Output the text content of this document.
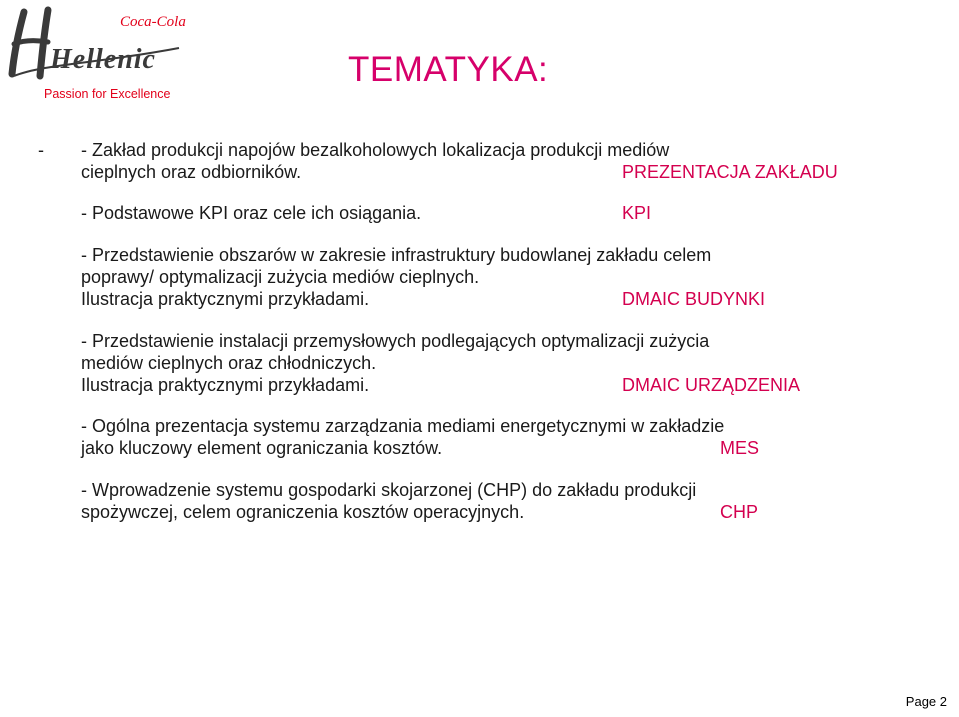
Coca-Cola
Hellenic
Passion for Excellence
TEMATYKA:
- - Zakład produkcji napojów bezalkoholowych lokalizacja produkcji mediów
cieplnych oraz odbiorników.	PREZENTACJA ZAKŁADU
- Podstawowe KPI oraz cele ich osiągania.	KPI
- Przedstawienie obszarów w zakresie infrastruktury budowlanej zakładu celem
poprawy/ optymalizacji zużycia mediów cieplnych.
Ilustracja praktycznymi przykładami.	DMAIC BUDYNKI
- Przedstawienie instalacji przemysłowych podlegających optymalizacji zużycia
mediów cieplnych oraz chłodniczych.
Ilustracja praktycznymi przykładami.	DMAIC URZĄDZENIA
- Ogólna prezentacja systemu zarządzania mediami energetycznymi w zakładzie
jako kluczowy element ograniczania kosztów.	MES
- Wprowadzenie systemu gospodarki skojarzonej (CHP) do zakładu produkcji
spożywczej, celem ograniczenia kosztów operacyjnych.	CHP
Page 2
